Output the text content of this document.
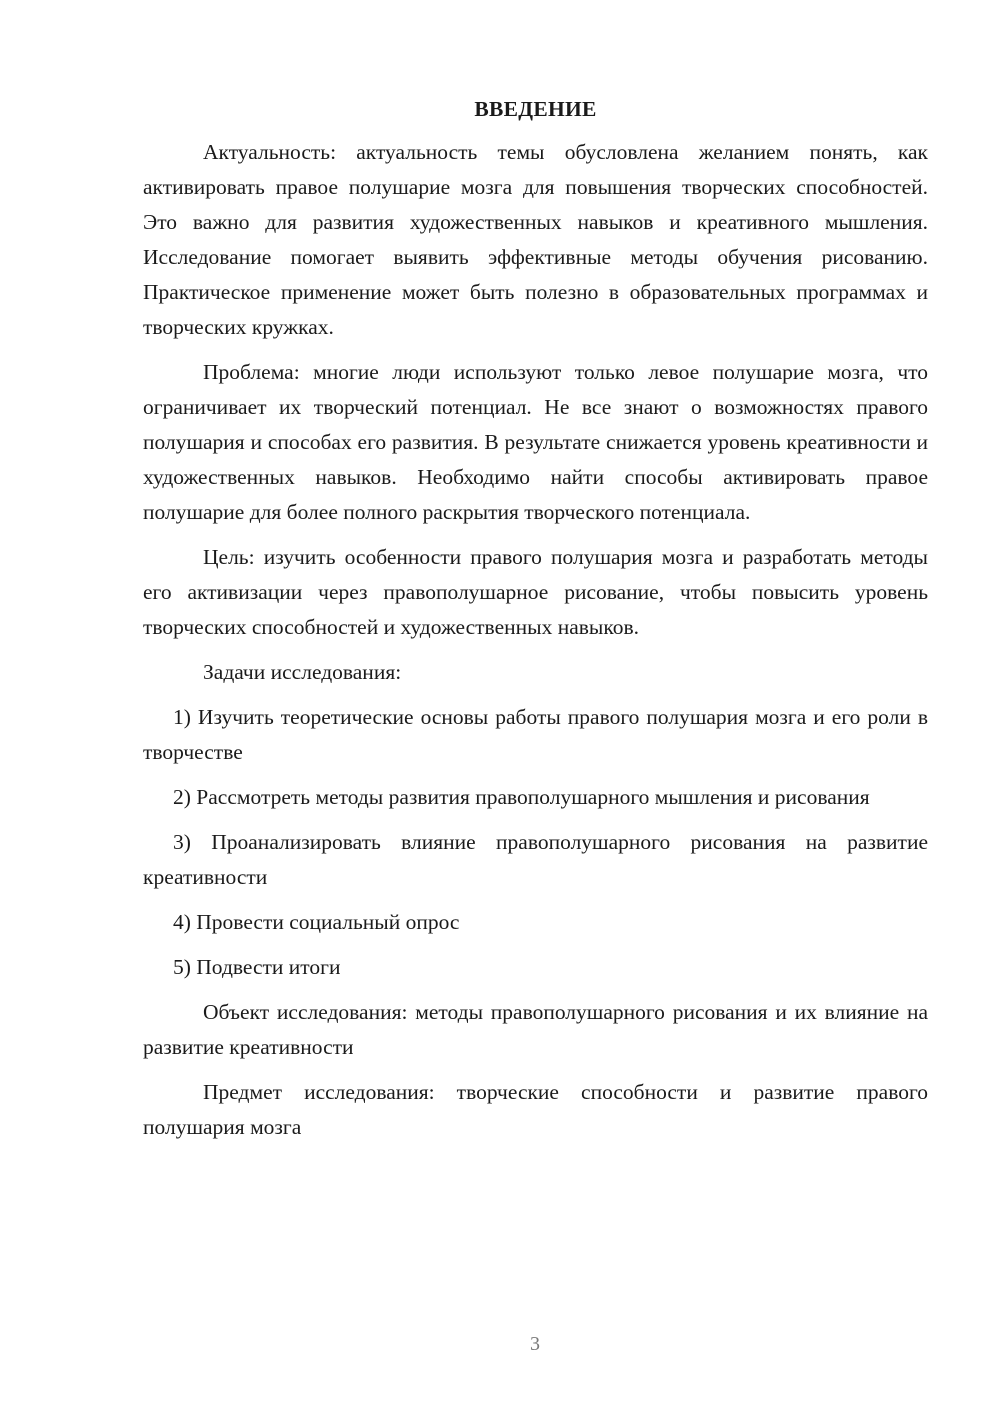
ВВЕДЕНИЕ

Актуальность: актуальность темы обусловлена желанием понять, как активировать правое полушарие мозга для повышения творческих способностей. Это важно для развития художественных навыков и креативного мышления. Исследование помогает выявить эффективные методы обучения рисованию. Практическое применение может быть полезно в образовательных программах и творческих кружках.

Проблема: многие люди используют только левое полушарие мозга, что ограничивает их творческий потенциал. Не все знают о возможностях правого полушария и способах его развития. В результате снижается уровень креативности и художественных навыков. Необходимо найти способы активировать правое полушарие для более полного раскрытия творческого потенциала.

Цель: изучить особенности правого полушария мозга и разработать методы его активизации через правополушарное рисование, чтобы повысить уровень творческих способностей и художественных навыков.

Задачи исследования:

1) Изучить теоретические основы работы правого полушария мозга и его роли в творчестве

2) Рассмотреть методы развития правополушарного мышления и рисования

3) Проанализировать влияние правополушарного рисования на развитие креативности

4) Провести социальный опрос

5) Подвести итоги

Объект исследования: методы правополушарного рисования и их влияние на развитие креативности

Предмет исследования: творческие способности и развитие правого полушария мозга

3
